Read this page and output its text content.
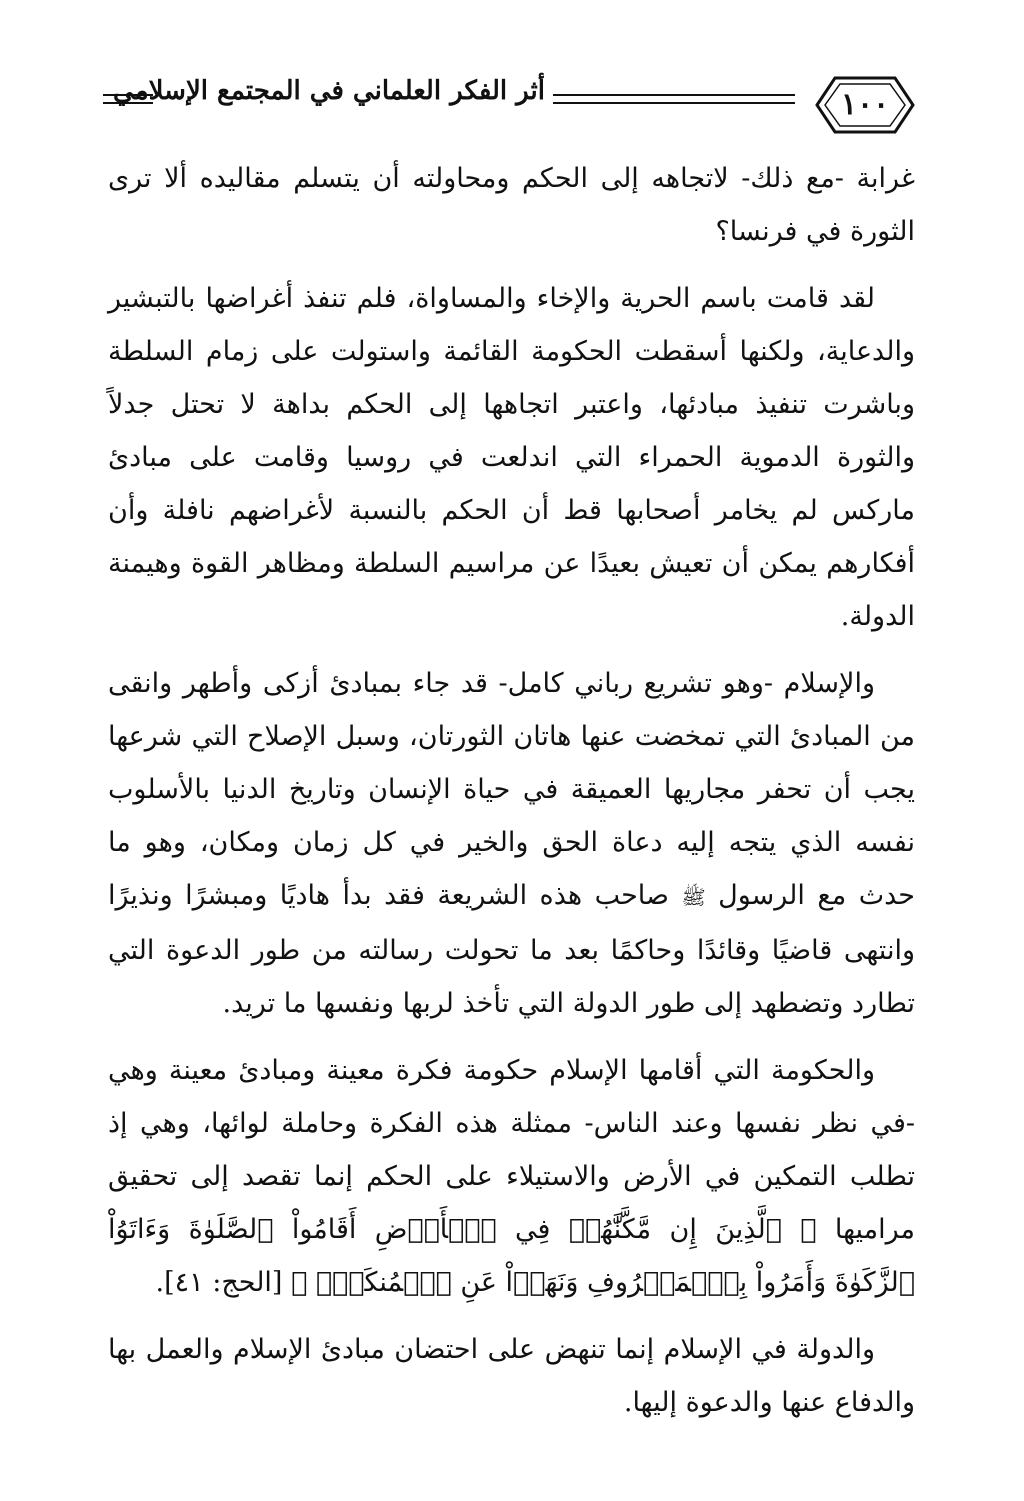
أثر الفكر العلماني في المجتمع الإسلامي	١٠٠

غرابة -مع ذلك- لاتجاهه إلى الحكم ومحاولته أن يتسلم مقاليده ألا ترى الثورة في فرنسا؟

لقد قامت باسم الحرية والإخاء والمساواة، فلم تنفذ أغراضها بالتبشير والدعاية، ولكنها أسقطت الحكومة القائمة واستولت على زمام السلطة وباشرت تنفيذ مبادئها، واعتبر اتجاهها إلى الحكم بداهة لا تحتل جدلاً والثورة الدموية الحمراء التي اندلعت في روسيا وقامت على مبادئ ماركس لم يخامر أصحابها قط أن الحكم بالنسبة لأغراضهم نافلة وأن أفكارهم يمكن أن تعيش بعيدًا عن مراسيم السلطة ومظاهر القوة وهيمنة الدولة.

والإسلام -وهو تشريع رباني كامل- قد جاء بمبادئ أزكى وأطهر وانقى من المبادئ التي تمخضت عنها هاتان الثورتان، وسبل الإصلاح التي شرعها يجب أن تحفر مجاريها العميقة في حياة الإنسان وتاريخ الدنيا بالأسلوب نفسه الذي يتجه إليه دعاة الحق والخير في كل زمان ومكان، وهو ما حدث مع الرسول ﷺ صاحب هذه الشريعة فقد بدأ هاديًا ومبشرًا ونذيرًا وانتهى قاضيًا وقائدًا وحاكمًا بعد ما تحولت رسالته من طور الدعوة التي تطارد وتضطهد إلى طور الدولة التي تأخذ لربها ونفسها ما تريد.

والحكومة التي أقامها الإسلام حكومة فكرة معينة ومبادئ معينة وهي -في نظر نفسها وعند الناس- ممثلة هذه الفكرة وحاملة لوائها، وهي إذ تطلب التمكين في الأرض والاستيلاء على الحكم إنما تقصد إلى تحقيق مراميها ﴿ ٱلَّذِينَ إِن مَّكَّنَّٰهُمۡ فِي ٱلۡأَرۡضِ أَقَامُواْ ٱلصَّلَوٰةَ وَءَاتَوُاْ ٱلزَّكَوٰةَ وَأَمَرُواْ بِٱلۡمَعۡرُوفِ وَنَهَوۡاْ عَنِ ٱلۡمُنكَرِۗ ﴾ [الحج: ٤١].

والدولة في الإسلام إنما تنهض على احتضان مبادئ الإسلام والعمل بها والدفاع عنها والدعوة إليها.
